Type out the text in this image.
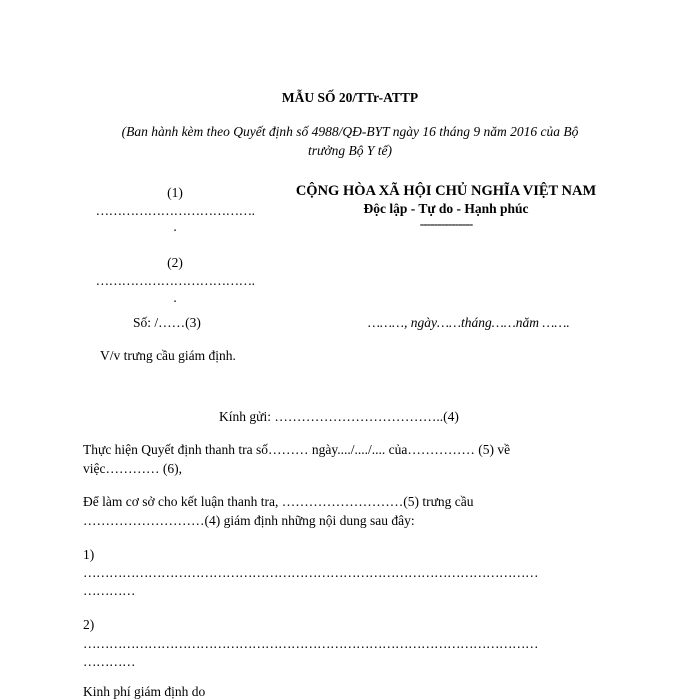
MẪU SỐ 20/TTr-ATTP
(Ban hành kèm theo Quyết định số 4988/QĐ-BYT ngày 16 tháng 9 năm 2016 của Bộ
trưởng Bộ Y tế)
(1)
……………………………….
.
(2)
……………………………….
.
Số: /……(3)
CỘNG HÒA XÃ HỘI CHỦ NGHĨA VIỆT NAM
Độc lập - Tự do - Hạnh phúc
---------------
………, ngày……tháng……năm …….
V/v trưng cầu giám định.
Kính gửi: ………………………………..(4)
Thực hiện Quyết định thanh tra số……… ngày..../..../.... của…………… (5) về
việc………… (6),
Để làm cơ sở cho kết luận thanh tra, ………………………(5) trưng cầu
………………………(4) giám định những nội dung sau đây:
1)
……………………………………………………………………………………………
…………
2)
……………………………………………………………………………………………
…………
Kinh phí giám định do
